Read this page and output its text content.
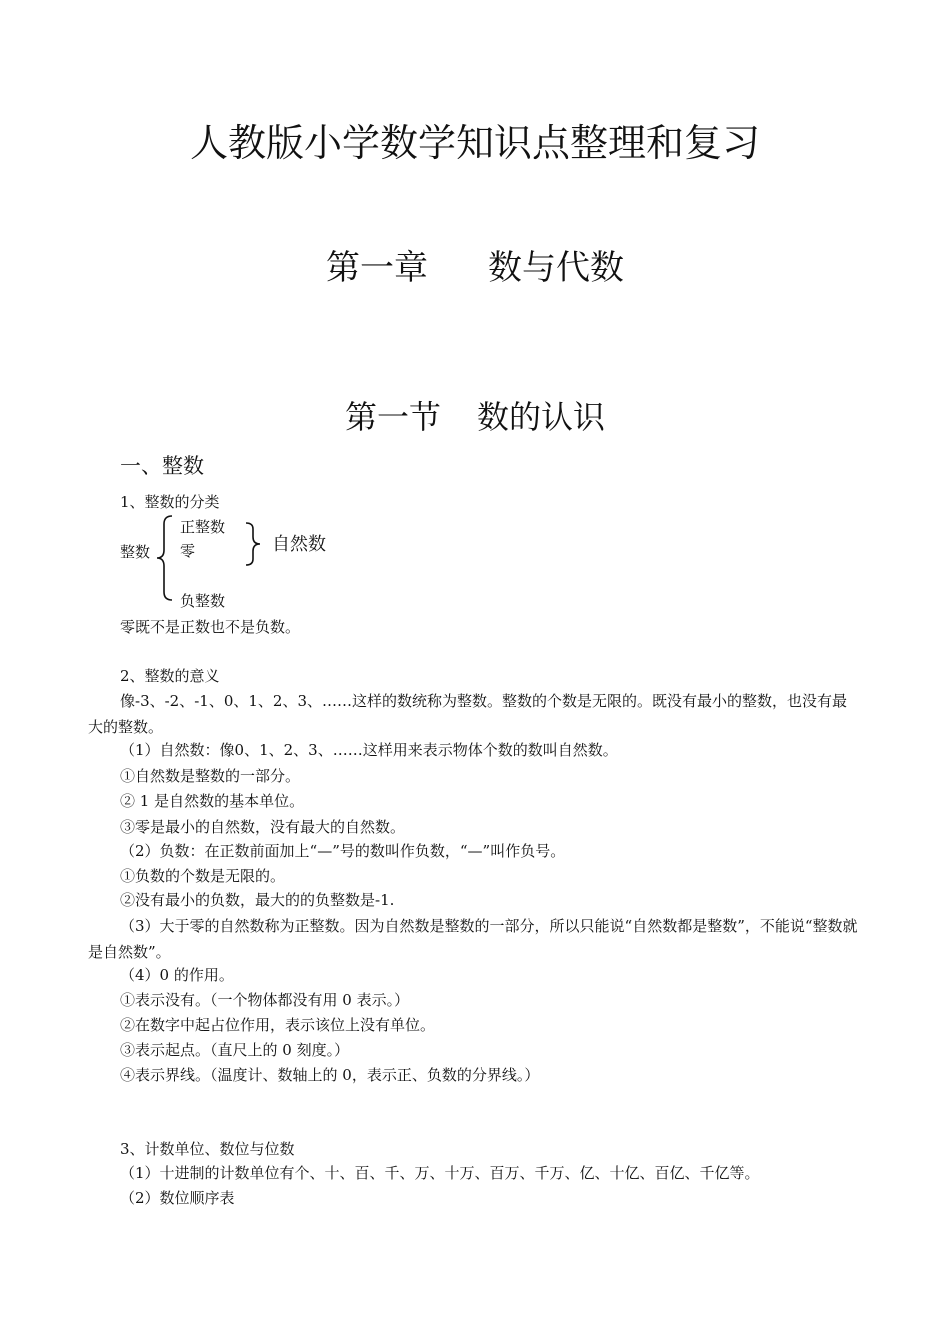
人教版小学数学知识点整理和复习
第一章 数与代数
第一节 数的认识
一、整数
1、整数的分类
整数
正整数
零	自然数
负整数
零既不是正数也不是负数。
2、整数的意义
像-3、-2、-1、0、1、2、3、……这样的数统称为整数。整数的个数是无限的。既没有最小的整数，也没有最大的整数。
（1）自然数：像0、1、2、3、……这样用来表示物体个数的数叫自然数。
①自然数是整数的一部分。
② 1 是自然数的基本单位。
③零是最小的自然数，没有最大的自然数。
（2）负数：在正数前面加上“—”号的数叫作负数，“—”叫作负号。
①负数的个数是无限的。
②没有最小的负数，最大的的负整数是-1.
（3）大于零的自然数称为正整数。因为自然数是整数的一部分，所以只能说“自然数都是整数”，不能说“整数就是自然数”。
（4）0 的作用。
①表示没有。（一个物体都没有用 0 表示。）
②在数字中起占位作用，表示该位上没有单位。
③表示起点。（直尺上的 0 刻度。）
④表示界线。（温度计、数轴上的 0，表示正、负数的分界线。）
3、计数单位、数位与位数
（1）十进制的计数单位有个、十、百、千、万、十万、百万、千万、亿、十亿、百亿、千亿等。
（2）数位顺序表
